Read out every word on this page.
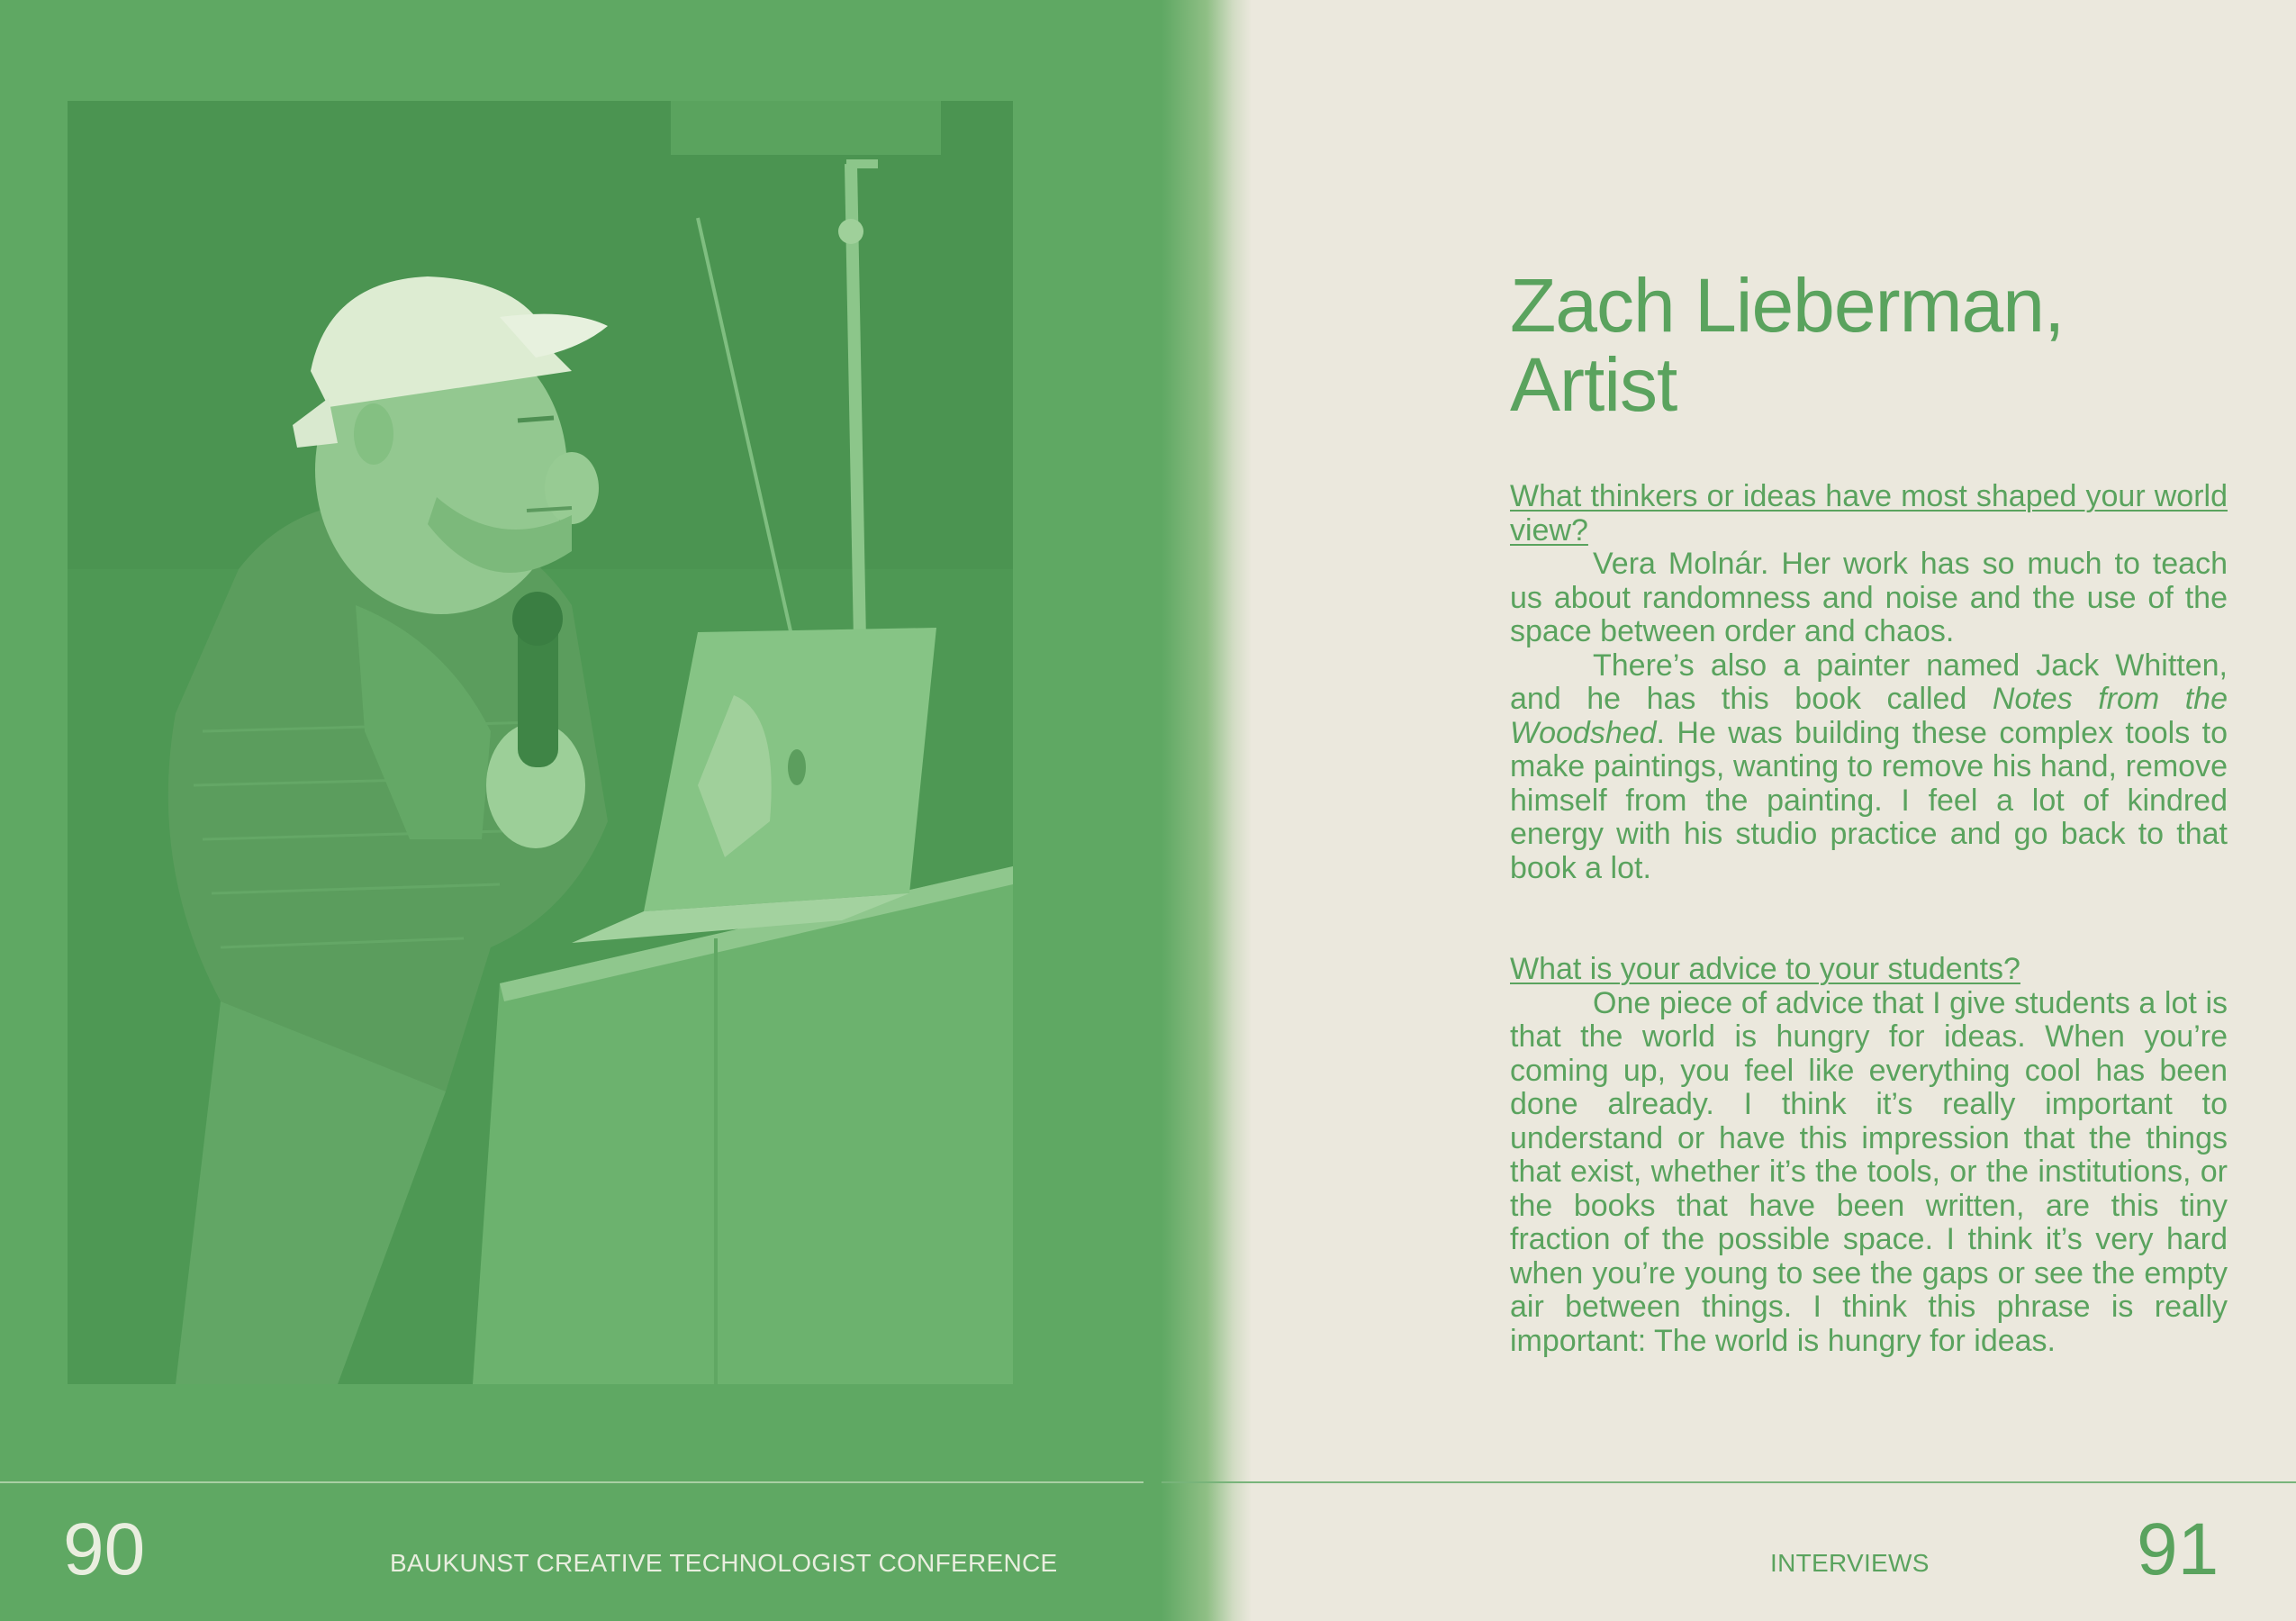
90	BAUKUNST CREATIVE TECHNOLOGIST CONFERENCE	INTERVIEWS	91
Zach Lieberman,
Artist

What thinkers or ideas have most shaped your world view?

Vera Molnár. Her work has so much to teach us about randomness and noise and the use of the space between order and chaos.

There’s also a painter named Jack Whitten, and he has this book called Notes from the Woodshed. He was building these complex tools to make paintings, wanting to remove his hand, remove himself from the painting. I feel a lot of kindred energy with his studio practice and go back to that book a lot.

What is your advice to your students?

One piece of advice that I give students a lot is that the world is hungry for ideas. When you’re coming up, you feel like everything cool has been done already. I think it’s really important to understand or have this impression that the things that exist, whether it’s the tools, or the institutions, or the books that have been written, are this tiny fraction of the possible space. I think it’s very hard when you’re young to see the gaps or see the empty air between things. I think this phrase is really important: The world is hungry for ideas.
